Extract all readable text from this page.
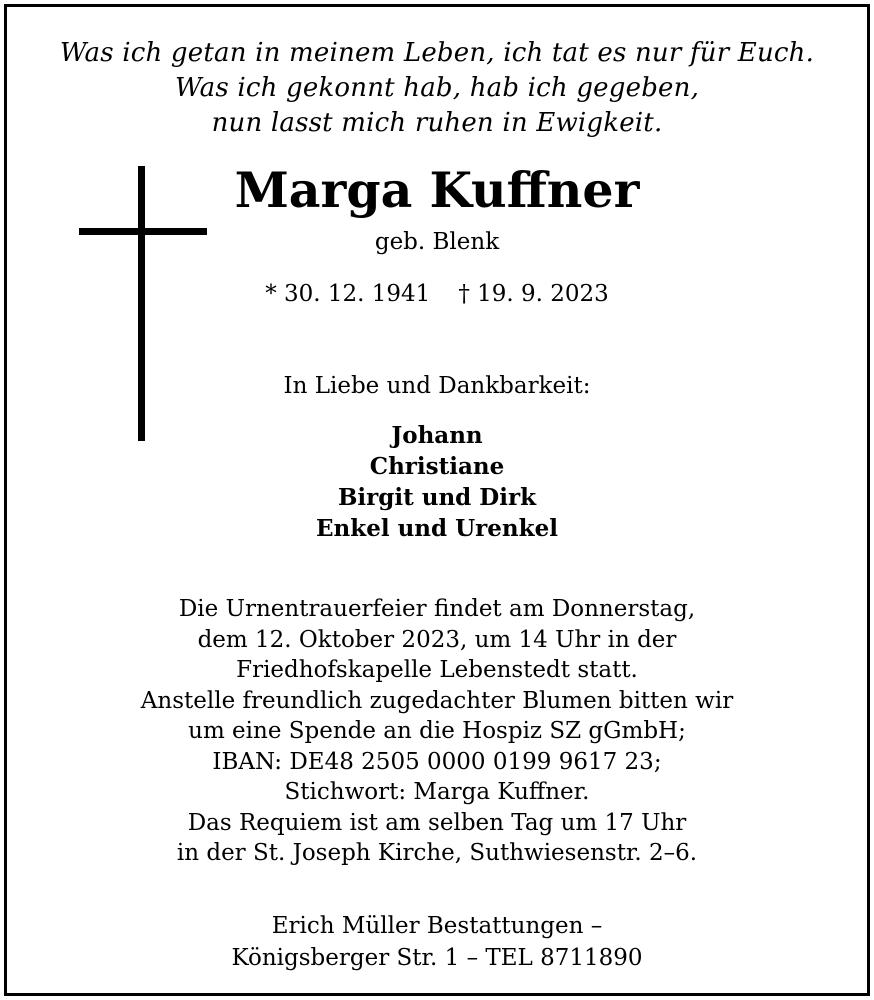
Was ich getan in meinem Leben, ich tat es nur für Euch.
Was ich gekonnt hab, hab ich gegeben,
nun lasst mich ruhen in Ewigkeit.
Marga Kuffner
geb. Blenk
* 30. 12. 1941 † 19. 9. 2023
In Liebe und Dankbarkeit:
Johann
Christiane
Birgit und Dirk
Enkel und Urenkel
Die Urnentrauerfeier findet am Donnerstag,
dem 12. Oktober 2023, um 14 Uhr in der
Friedhofskapelle Lebenstedt statt.
Anstelle freundlich zugedachter Blumen bitten wir
um eine Spende an die Hospiz SZ gGmbH;
IBAN: DE48 2505 0000 0199 9617 23;
Stichwort: Marga Kuffner.
Das Requiem ist am selben Tag um 17 Uhr
in der St. Joseph Kirche, Suthwiesenstr. 2–6.
Erich Müller Bestattungen –
Königsberger Str. 1 – TEL 8711890
